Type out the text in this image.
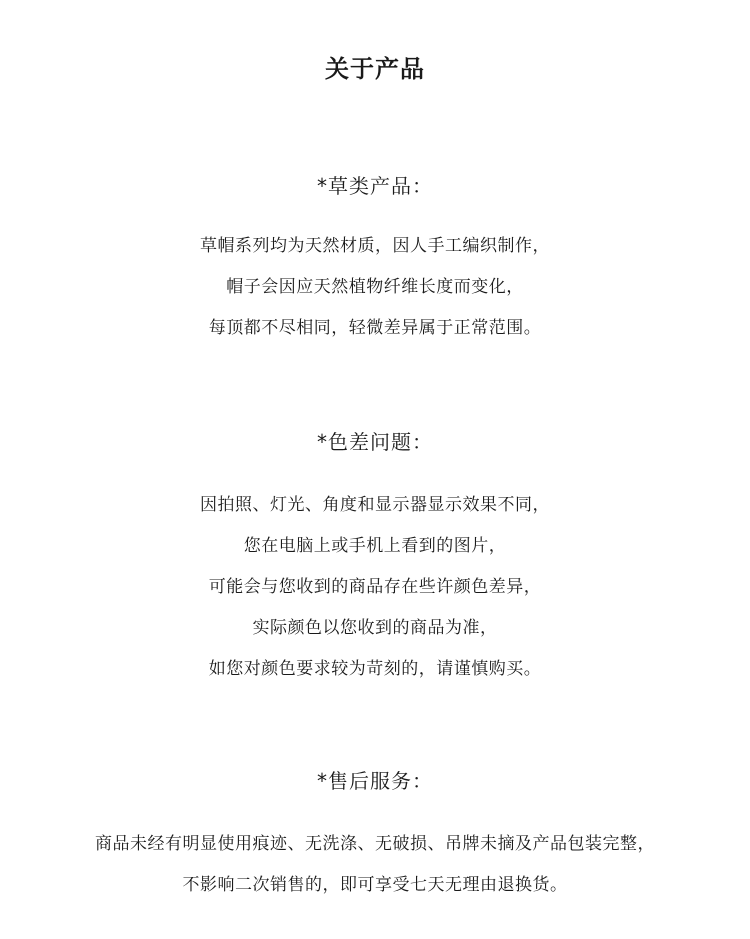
关于产品
*草类产品：
草帽系列均为天然材质，因人手工编织制作，
帽子会因应天然植物纤维长度而变化，
每顶都不尽相同，轻微差异属于正常范围。
*色差问题：
因拍照、灯光、角度和显示器显示效果不同，
您在电脑上或手机上看到的图片，
可能会与您收到的商品存在些许颜色差异，
实际颜色以您收到的商品为准，
如您对颜色要求较为苛刻的，请谨慎购买。
*售后服务：
商品未经有明显使用痕迹、无洗涤、无破损、吊牌未摘及产品包装完整，
不影响二次销售的，即可享受七天无理由退换货。
